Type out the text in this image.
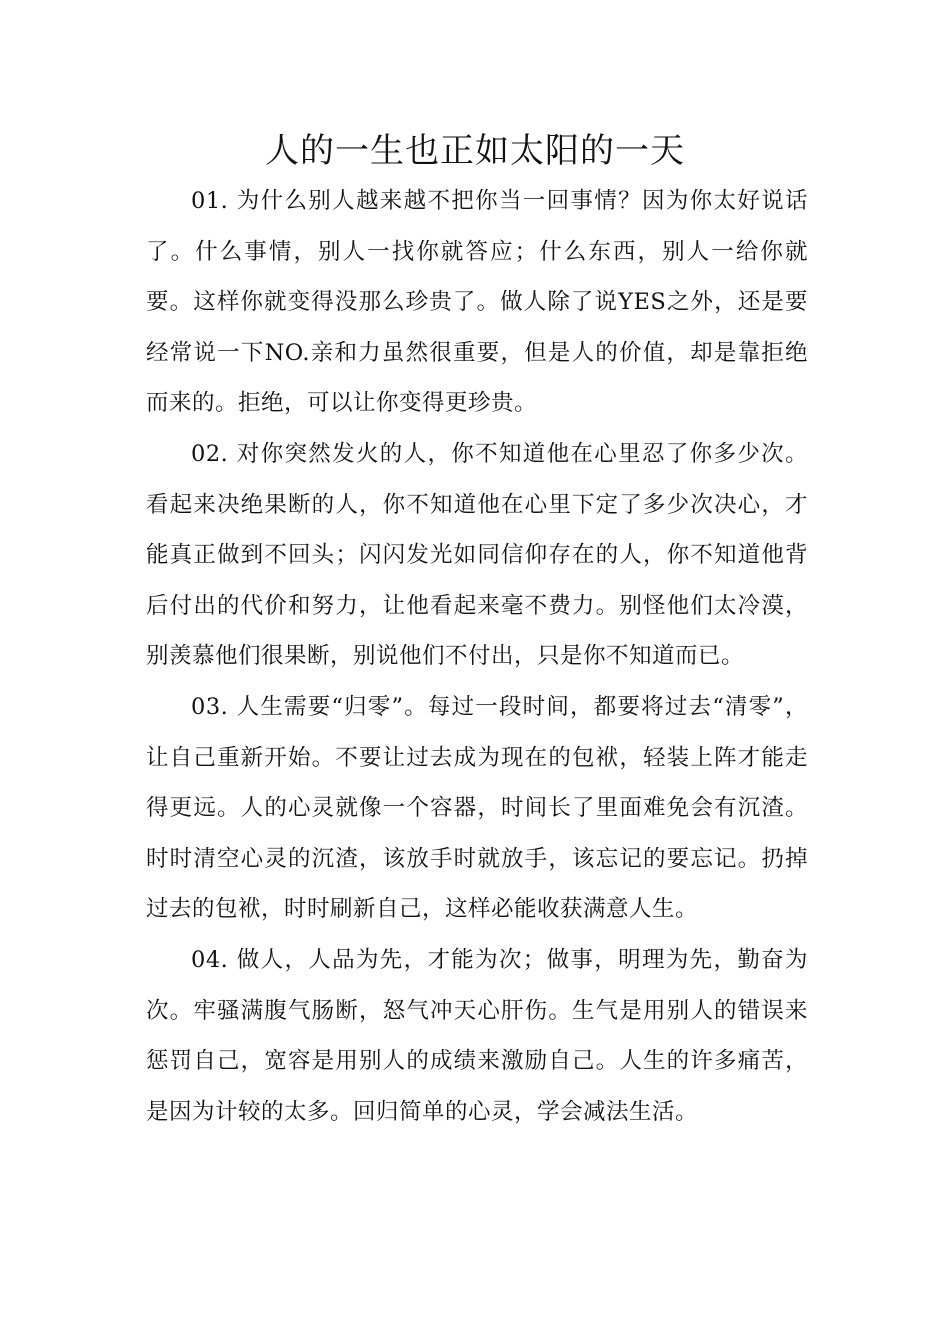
人的一生也正如太阳的一天

01. 为什么别人越来越不把你当一回事情？因为你太好说话了。什么事情，别人一找你就答应；什么东西，别人一给你就要。这样你就变得没那么珍贵了。做人除了说YES之外，还是要经常说一下NO.亲和力虽然很重要，但是人的价值，却是靠拒绝而来的。拒绝，可以让你变得更珍贵。

02. 对你突然发火的人，你不知道他在心里忍了你多少次。看起来决绝果断的人，你不知道他在心里下定了多少次决心，才能真正做到不回头；闪闪发光如同信仰存在的人，你不知道他背后付出的代价和努力，让他看起来毫不费力。别怪他们太冷漠，别羡慕他们很果断，别说他们不付出，只是你不知道而已。

03. 人生需要“归零”。每过一段时间，都要将过去“清零”，让自己重新开始。不要让过去成为现在的包袱，轻装上阵才能走得更远。人的心灵就像一个容器，时间长了里面难免会有沉渣。时时清空心灵的沉渣，该放手时就放手，该忘记的要忘记。扔掉过去的包袱，时时刷新自己，这样必能收获满意人生。

04. 做人，人品为先，才能为次；做事，明理为先，勤奋为次。牢骚满腹气肠断，怒气冲天心肝伤。生气是用别人的错误来惩罚自己，宽容是用别人的成绩来激励自己。人生的许多痛苦，是因为计较的太多。回归简单的心灵，学会减法生活。
